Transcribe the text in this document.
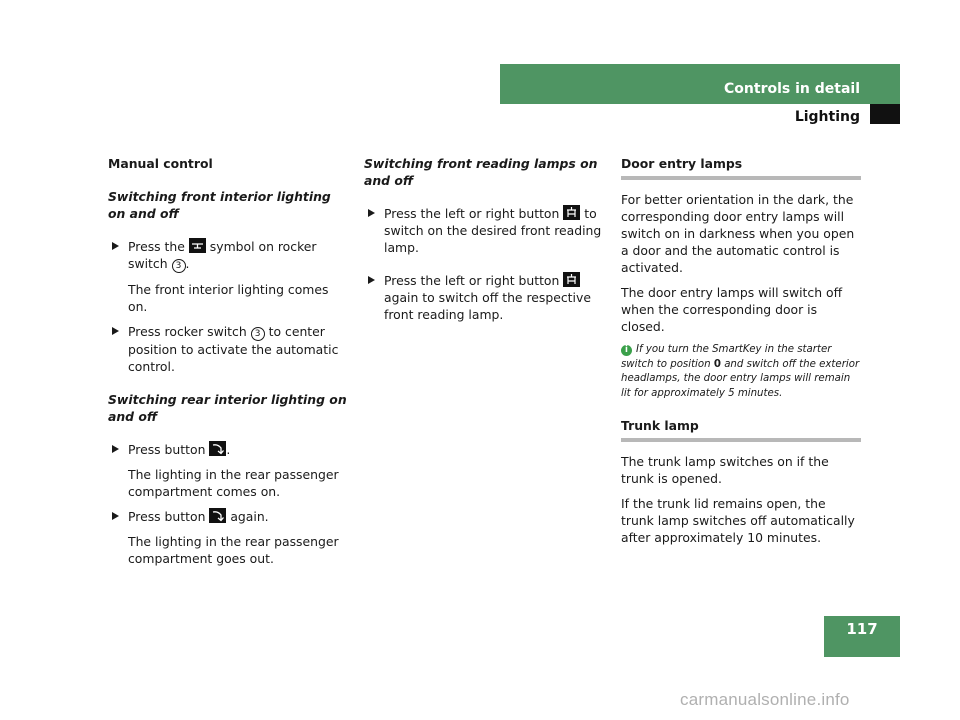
Controls in detail
Lighting
Manual control
Switching front interior lighting on and off
Press the symbol on rocker switch 3 .
The front interior lighting comes on.
Press rocker switch 3 to center position to activate the automatic control.
Switching rear interior lighting on and off
Press button .
The lighting in the rear passenger compartment comes on.
Press button again.
The lighting in the rear passenger compartment goes out.
Switching front reading lamps on and off
Press the left or right button to switch on the desired front reading lamp.
Press the left or right button
again to switch off the respective front reading lamp.
Door entry lamps
For better orientation in the dark, the corresponding door entry lamps will switch on in darkness when you open a door and the automatic control is activated.
The door entry lamps will switch off when the corresponding door is closed.
i If you turn the SmartKey in the starter switch to position 0 and switch off the exterior headlamps, the door entry lamps will remain lit for approximately 5 minutes.
Trunk lamp
The trunk lamp switches on if the trunk is opened.
If the trunk lid remains open, the trunk lamp switches off automatically after approximately 10 minutes.
117
carmanualsonline.info
